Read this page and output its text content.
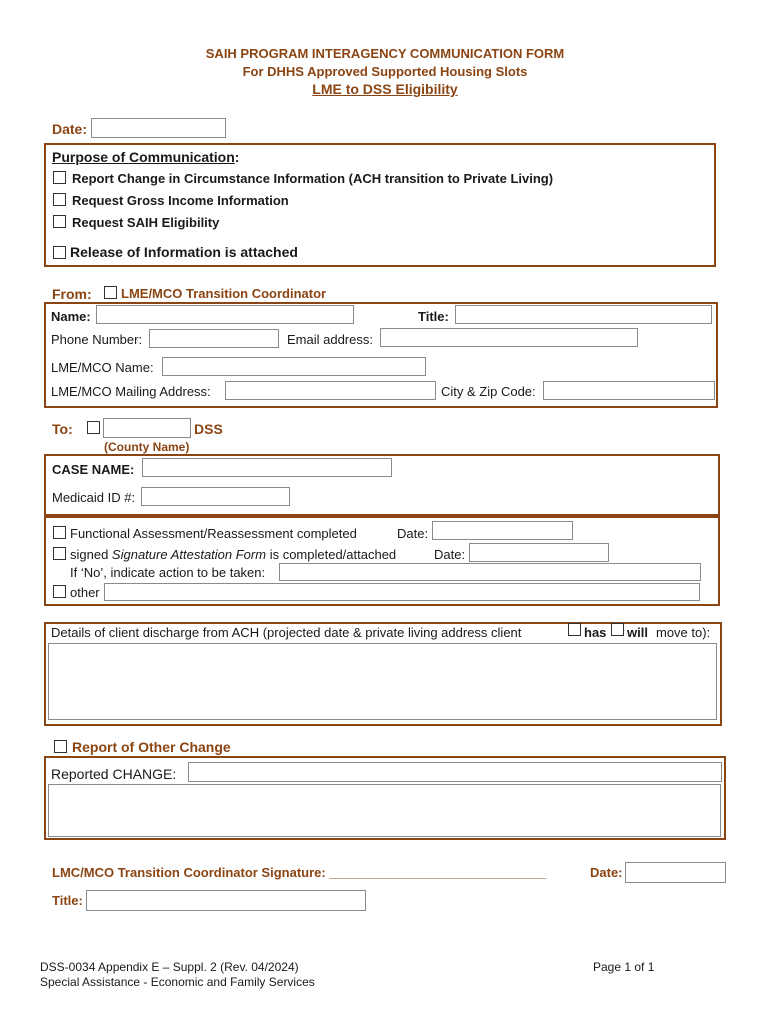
SAIH PROGRAM INTERAGENCY COMMUNICATION FORM
For DHHS Approved Supported Housing Slots
LME to DSS Eligibility
Date:
Purpose of Communication:
Report Change in Circumstance Information (ACH transition to Private Living)
Request Gross Income Information
Request SAIH Eligibility
Release of Information is attached
From: LME/MCO Transition Coordinator
Name:	Title:
Phone Number:	Email address:
LME/MCO Name:
LME/MCO Mailing Address:	City & Zip Code:
To:	DSS
(County Name)
CASE NAME:
Medicaid ID #:
Functional Assessment/Reassessment completed	Date:
signed Signature Attestation Form is completed/attached	Date:
If ‘No’, indicate action to be taken:
other
Details of client discharge from ACH (projected date & private living address client	has will move to):
Report of Other Change
Reported CHANGE:
LMC/MCO Transition Coordinator Signature: ______________________________	Date:
Title:
DSS-0034 Appendix E – Suppl. 2 (Rev. 04/2024)
Special Assistance - Economic and Family Services
Page 1 of 1
